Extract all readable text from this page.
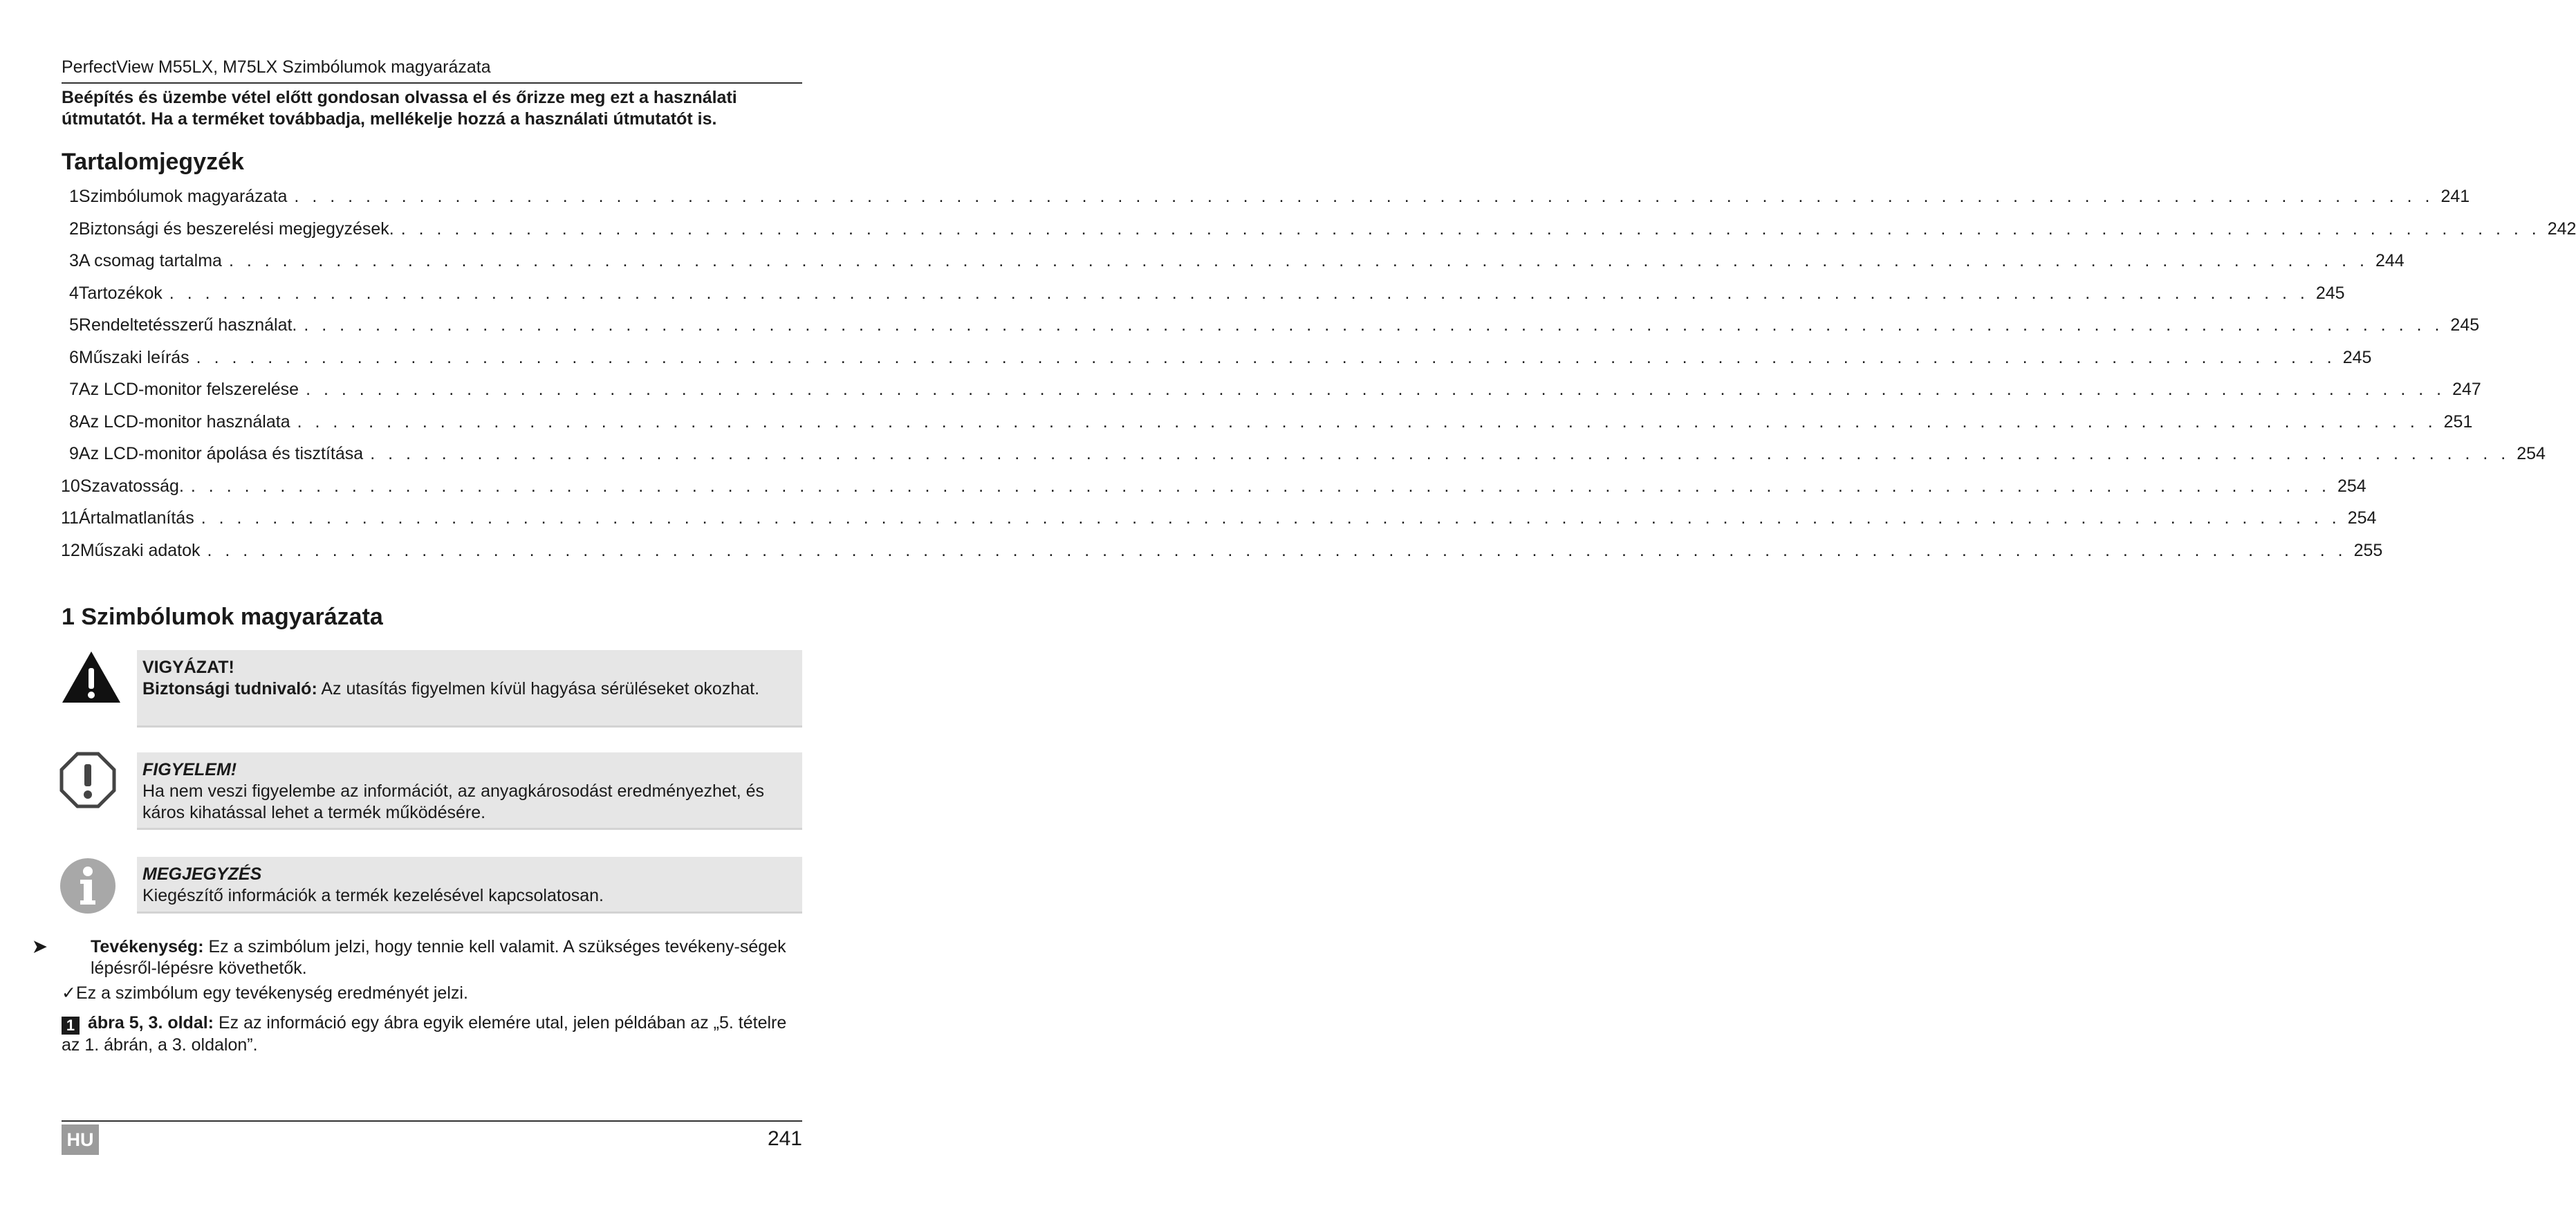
PerfectView M55LX, M75LX Szimbólumok magyarázata
Beépítés és üzembe vétel előtt gondosan olvassa el és őrizze meg ezt a használati útmutatót. Ha a terméket továbbadja, mellékelje hozzá a használati útmutatót is.
Tartalomjegyzék
1 Szimbólumok magyarázata . . . . . . . . . . . . . . . . . . . . . . . . . . . . . . . . . . . . . . . . . . . . . . . . . . . . . . . . . . . . . . . . . . . . . . . . . . . . . . . . . . . . . . . . . . . . . . . . . . . . . . . . . . . . . . . . . . . . . . . . 241
2 Biztonsági és beszerelési megjegyzések. . . . . . . . . . . . . . . . . . . . . . . . . . . . . . . . . . . . . . . . . . . . . . . . . . . . . . . . . . . . . . . . . . . . . . . . . . . . . . . . . . . . . . . . . . . . . . . . . . . . . . . . . . . . . . . . . . . . . . . . . 242
3 A csomag tartalma . . . . . . . . . . . . . . . . . . . . . . . . . . . . . . . . . . . . . . . . . . . . . . . . . . . . . . . . . . . . . . . . . . . . . . . . . . . . . . . . . . . . . . . . . . . . . . . . . . . . . . . . . . . . . . . . . . . . . . . . 244
4 Tartozékok . . . . . . . . . . . . . . . . . . . . . . . . . . . . . . . . . . . . . . . . . . . . . . . . . . . . . . . . . . . . . . . . . . . . . . . . . . . . . . . . . . . . . . . . . . . . . . . . . . . . . . . . . . . . . . . . . . . . . . . . 245
5 Rendeltetésszerű használat. . . . . . . . . . . . . . . . . . . . . . . . . . . . . . . . . . . . . . . . . . . . . . . . . . . . . . . . . . . . . . . . . . . . . . . . . . . . . . . . . . . . . . . . . . . . . . . . . . . . . . . . . . . . . . . . . . . . . . . . . 245
6 Műszaki leírás . . . . . . . . . . . . . . . . . . . . . . . . . . . . . . . . . . . . . . . . . . . . . . . . . . . . . . . . . . . . . . . . . . . . . . . . . . . . . . . . . . . . . . . . . . . . . . . . . . . . . . . . . . . . . . . . . . . . . . . . 245
7 Az LCD-monitor felszerelése . . . . . . . . . . . . . . . . . . . . . . . . . . . . . . . . . . . . . . . . . . . . . . . . . . . . . . . . . . . . . . . . . . . . . . . . . . . . . . . . . . . . . . . . . . . . . . . . . . . . . . . . . . . . . . . . . . . . . . . . 247
8 Az LCD-monitor használata . . . . . . . . . . . . . . . . . . . . . . . . . . . . . . . . . . . . . . . . . . . . . . . . . . . . . . . . . . . . . . . . . . . . . . . . . . . . . . . . . . . . . . . . . . . . . . . . . . . . . . . . . . . . . . . . . . . . . . . . 251
9 Az LCD-monitor ápolása és tisztítása . . . . . . . . . . . . . . . . . . . . . . . . . . . . . . . . . . . . . . . . . . . . . . . . . . . . . . . . . . . . . . . . . . . . . . . . . . . . . . . . . . . . . . . . . . . . . . . . . . . . . . . . . . . . . . . . . . . . . . . . 254
10 Szavatosság. . . . . . . . . . . . . . . . . . . . . . . . . . . . . . . . . . . . . . . . . . . . . . . . . . . . . . . . . . . . . . . . . . . . . . . . . . . . . . . . . . . . . . . . . . . . . . . . . . . . . . . . . . . . . . . . . . . . . . . . . 254
11 Ártalmatlanítás . . . . . . . . . . . . . . . . . . . . . . . . . . . . . . . . . . . . . . . . . . . . . . . . . . . . . . . . . . . . . . . . . . . . . . . . . . . . . . . . . . . . . . . . . . . . . . . . . . . . . . . . . . . . . . . . . . . . . . . . 254
12 Műszaki adatok . . . . . . . . . . . . . . . . . . . . . . . . . . . . . . . . . . . . . . . . . . . . . . . . . . . . . . . . . . . . . . . . . . . . . . . . . . . . . . . . . . . . . . . . . . . . . . . . . . . . . . . . . . . . . . . . . . . . . . . . 255
1 Szimbólumok magyarázata
VIGYÁZAT!
Biztonsági tudnivaló: Az utasítás figyelmen kívül hagyása sérüléseket okozhat.
FIGYELEM!
Ha nem veszi figyelembe az információt, az anyagkárosodást eredményezhet, és káros kihatással lehet a termék működésére.
MEGJEGYZÉS
Kiegészítő információk a termék kezelésével kapcsolatosan.
➤	Tevékenység: Ez a szimbólum jelzi, hogy tennie kell valamit. A szükséges tevékeny-ségek lépésről-lépésre követhetők.
✓Ez a szimbólum egy tevékenység eredményét jelzi.
1 ábra 5, 3. oldal: Ez az információ egy ábra egyik elemére utal, jelen példában az „5. tételre az 1. ábrán, a 3. oldalon”.
HU	241
